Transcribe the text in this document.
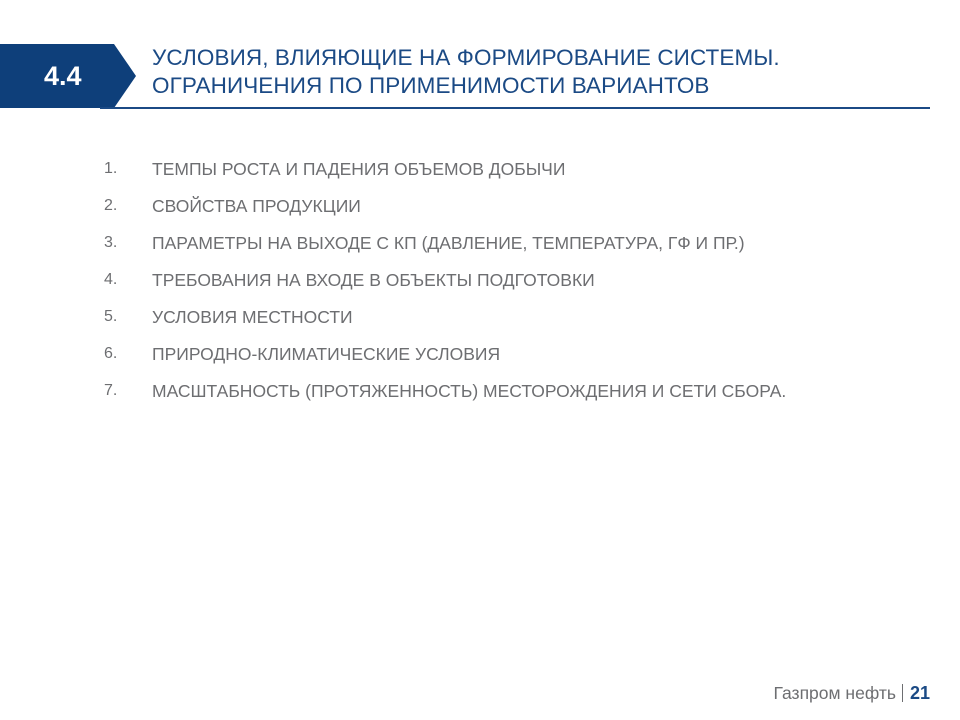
4.4
УСЛОВИЯ, ВЛИЯЮЩИЕ НА ФОРМИРОВАНИЕ СИСТЕМЫ.
ОГРАНИЧЕНИЯ ПО ПРИМЕНИМОСТИ ВАРИАНТОВ
1. ТЕМПЫ РОСТА И ПАДЕНИЯ ОБЪЕМОВ ДОБЫЧИ
2. СВОЙСТВА ПРОДУКЦИИ
3. ПАРАМЕТРЫ НА ВЫХОДЕ С КП (ДАВЛЕНИЕ, ТЕМПЕРАТУРА, ГФ И ПР.)
4. ТРЕБОВАНИЯ НА ВХОДЕ В ОБЪЕКТЫ ПОДГОТОВКИ
5. УСЛОВИЯ МЕСТНОСТИ
6. ПРИРОДНО-КЛИМАТИЧЕСКИЕ УСЛОВИЯ
7. МАСШТАБНОСТЬ (ПРОТЯЖЕННОСТЬ) МЕСТОРОЖДЕНИЯ И СЕТИ СБОРА.
Газпром нефть 21
